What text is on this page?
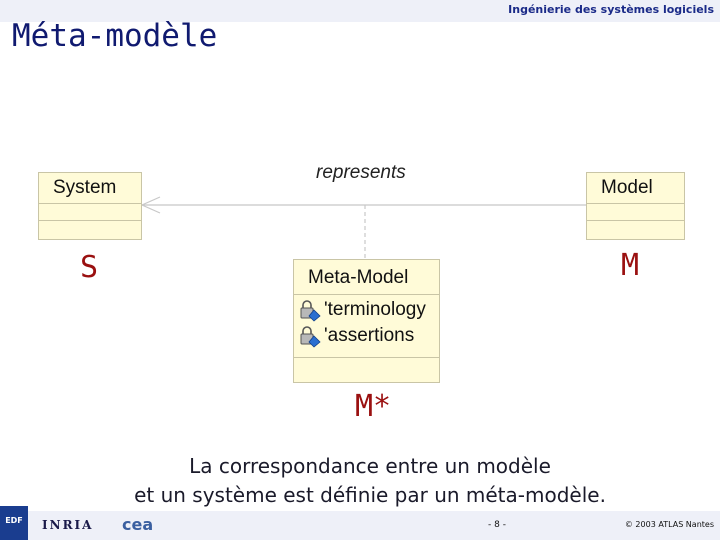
Ingénierie des systèmes logiciels
Méta-modèle
represents
System	Model
Meta-Model
'terminology
'assertions
S	M
M*
La correspondance entre un modèle
et un système est définie par un méta-modèle.
- 8 -	© 2003 ATLAS Nantes
EDF	INRIA cea
